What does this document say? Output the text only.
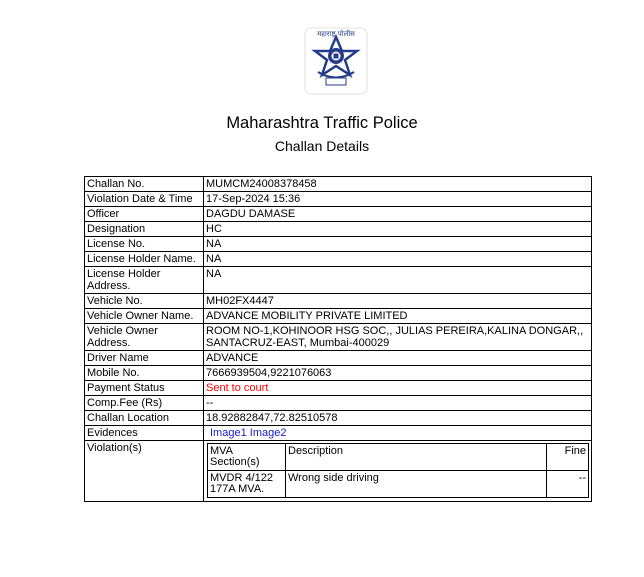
महाराष्ट्र पोलीस
Maharashtra Traffic Police
Challan Details
Challan No.	MUMCM24008378458
Violation Date & Time	17-Sep-2024 15:36
Officer	DAGDU DAMASE
Designation	HC
License No.	NA
License Holder Name.	NA
License Holder Address.	NA
Vehicle No.	MH02FX4447
Vehicle Owner Name.	ADVANCE MOBILITY PRIVATE LIMITED
Vehicle Owner Address.	ROOM NO-1,KOHINOOR HSG SOC,, JULIAS PEREIRA,KALINA DONGAR,, SANTACRUZ-EAST, Mumbai-400029
Driver Name	ADVANCE
Mobile No.	7666939504,9221076063
Payment Status	Sent to court
Comp.Fee (Rs)	--
Challan Location	18.92882847,72.82510578
Evidences	Image1 Image2
Violation(s)		MVA Section(s)	Description	Fine
MVDR 4/122 177A MVA.	Wrong side driving	--
